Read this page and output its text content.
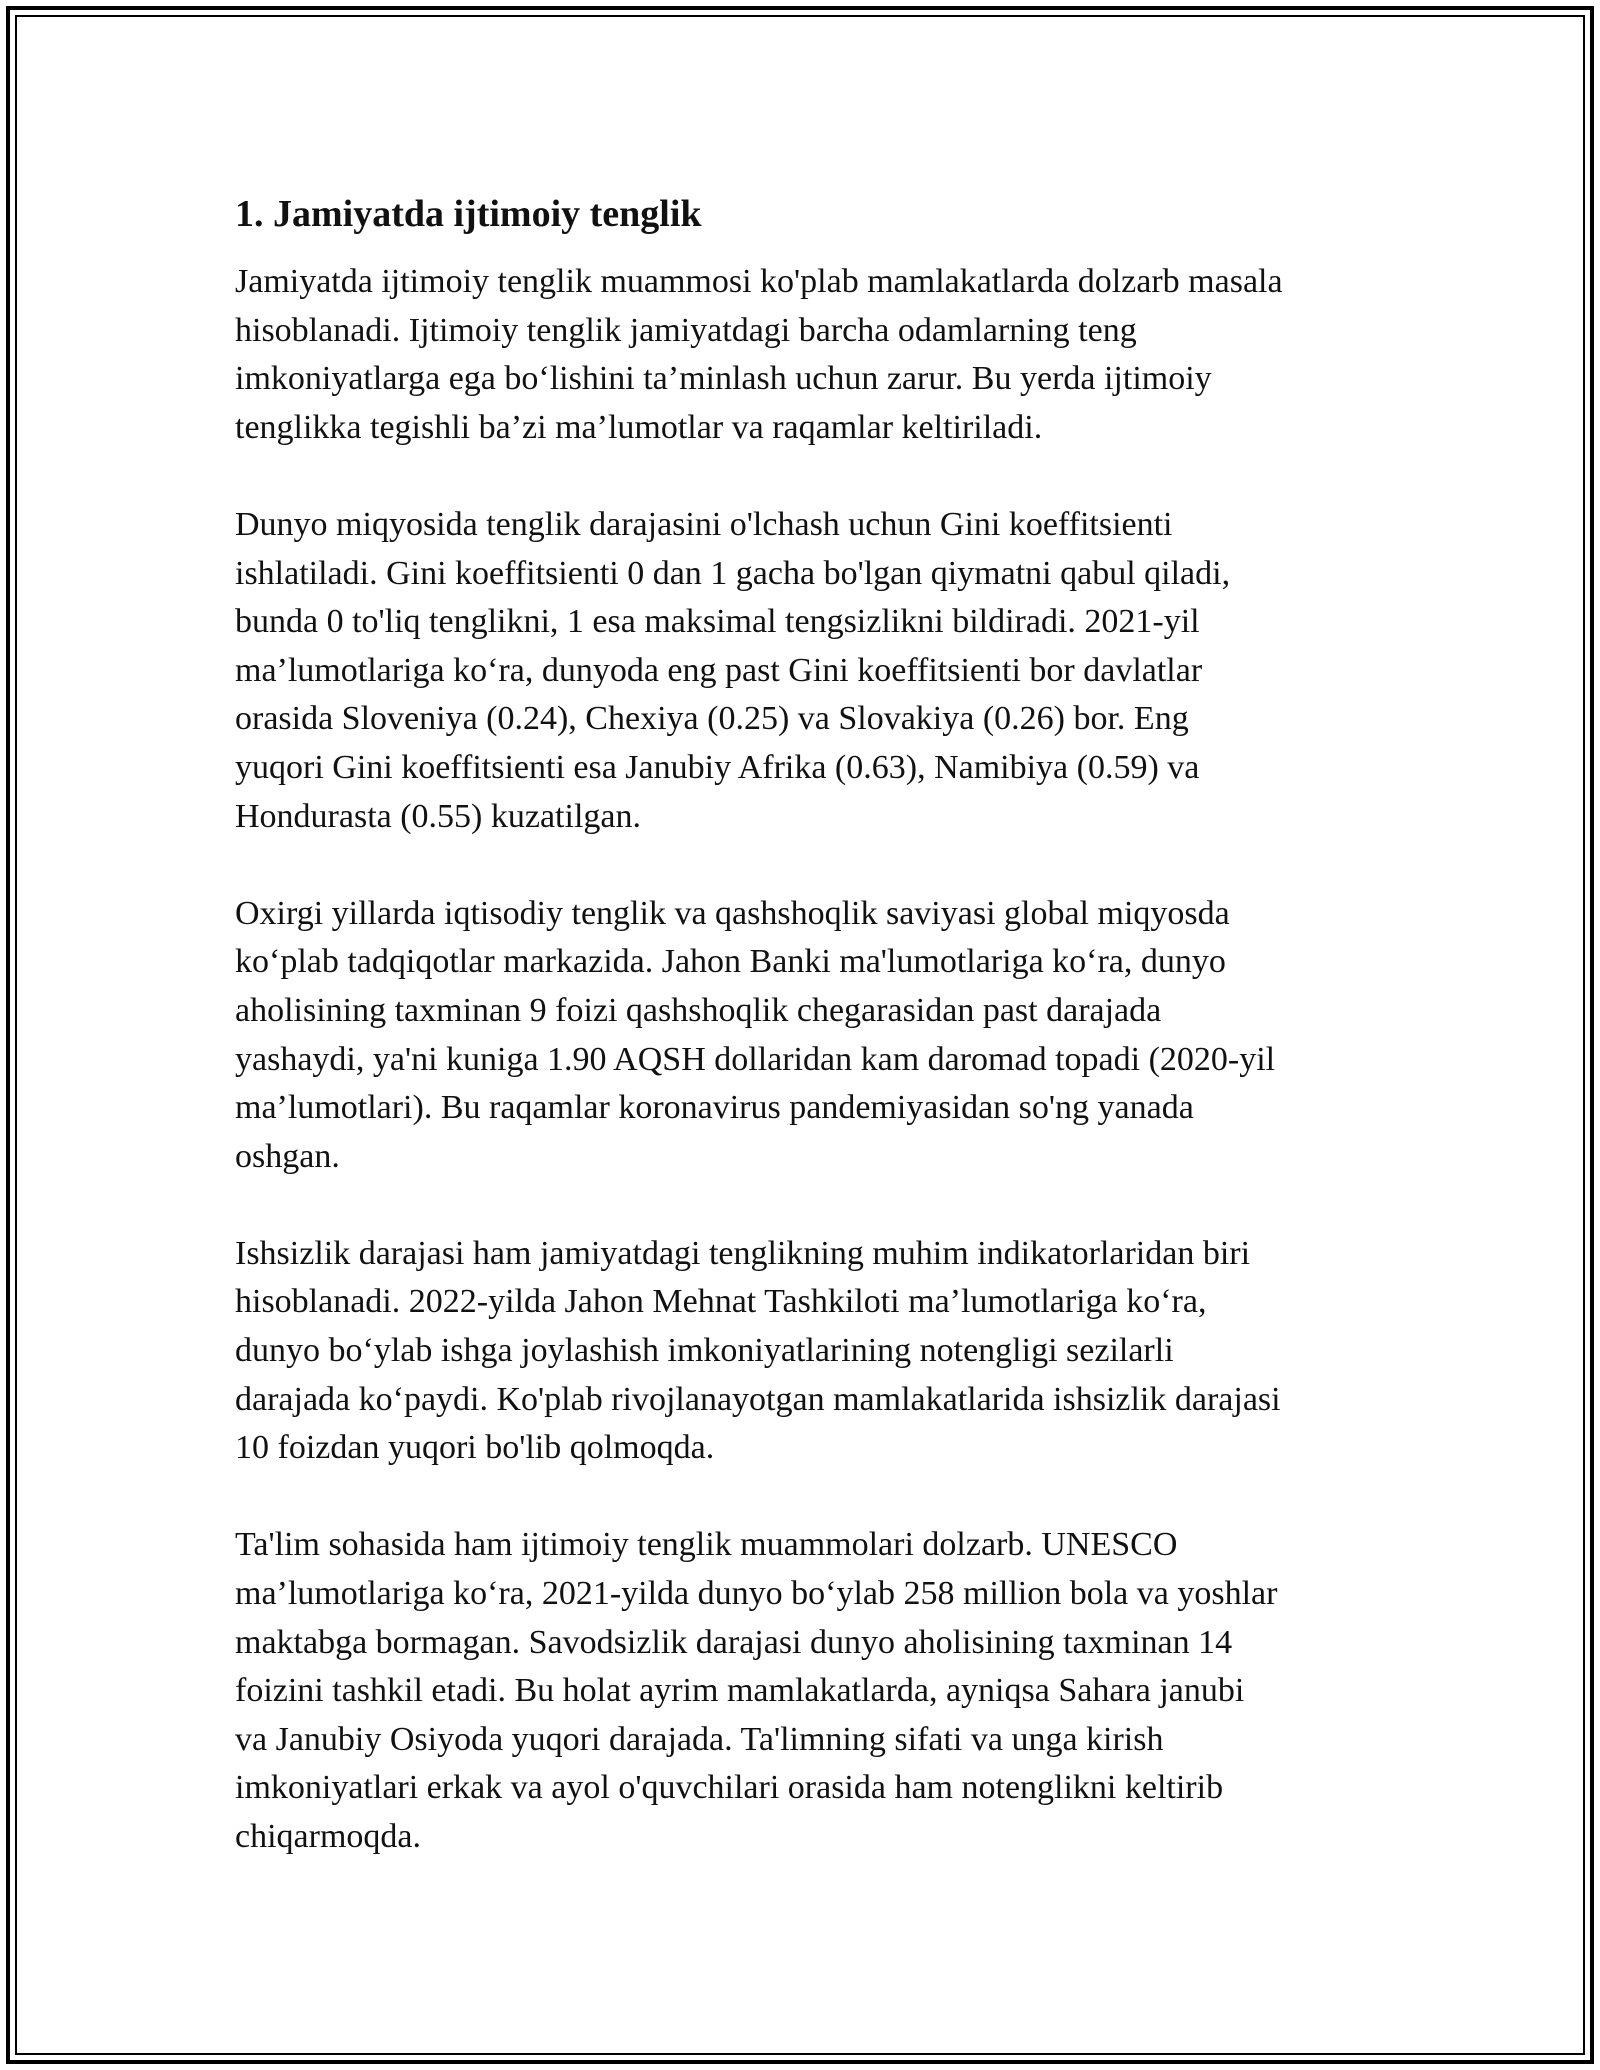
1. Jamiyatda ijtimoiy tenglik

Jamiyatda ijtimoiy tenglik muammosi ko'plab mamlakatlarda dolzarb masala
hisoblanadi. Ijtimoiy tenglik jamiyatdagi barcha odamlarning teng
imkoniyatlarga ega bo‘lishini ta’minlash uchun zarur. Bu yerda ijtimoiy
tenglikka tegishli ba’zi ma’lumotlar va raqamlar keltiriladi.

Dunyo miqyosida tenglik darajasini o'lchash uchun Gini koeffitsienti
ishlatiladi. Gini koeffitsienti 0 dan 1 gacha bo'lgan qiymatni qabul qiladi,
bunda 0 to'liq tenglikni, 1 esa maksimal tengsizlikni bildiradi. 2021-yil
ma’lumotlariga ko‘ra, dunyoda eng past Gini koeffitsienti bor davlatlar
orasida Sloveniya (0.24), Chexiya (0.25) va Slovakiya (0.26) bor. Eng
yuqori Gini koeffitsienti esa Janubiy Afrika (0.63), Namibiya (0.59) va
Hondurasta (0.55) kuzatilgan.

Oxirgi yillarda iqtisodiy tenglik va qashshoqlik saviyasi global miqyosda
ko‘plab tadqiqotlar markazida. Jahon Banki ma'lumotlariga ko‘ra, dunyo
aholisining taxminan 9 foizi qashshoqlik chegarasidan past darajada
yashaydi, ya'ni kuniga 1.90 AQSH dollaridan kam daromad topadi (2020-yil
ma’lumotlari). Bu raqamlar koronavirus pandemiyasidan so'ng yanada
oshgan.

Ishsizlik darajasi ham jamiyatdagi tenglikning muhim indikatorlaridan biri
hisoblanadi. 2022-yilda Jahon Mehnat Tashkiloti ma’lumotlariga ko‘ra,
dunyo bo‘ylab ishga joylashish imkoniyatlarining notengligi sezilarli
darajada ko‘paydi. Ko'plab rivojlanayotgan mamlakatlarida ishsizlik darajasi
10 foizdan yuqori bo'lib qolmoqda.

Ta'lim sohasida ham ijtimoiy tenglik muammolari dolzarb. UNESCO
ma’lumotlariga ko‘ra, 2021-yilda dunyo bo‘ylab 258 million bola va yoshlar
maktabga bormagan. Savodsizlik darajasi dunyo aholisining taxminan 14
foizini tashkil etadi. Bu holat ayrim mamlakatlarda, ayniqsa Sahara janubi
va Janubiy Osiyoda yuqori darajada. Ta'limning sifati va unga kirish
imkoniyatlari erkak va ayol o'quvchilari orasida ham notenglikni keltirib
chiqarmoqda.
